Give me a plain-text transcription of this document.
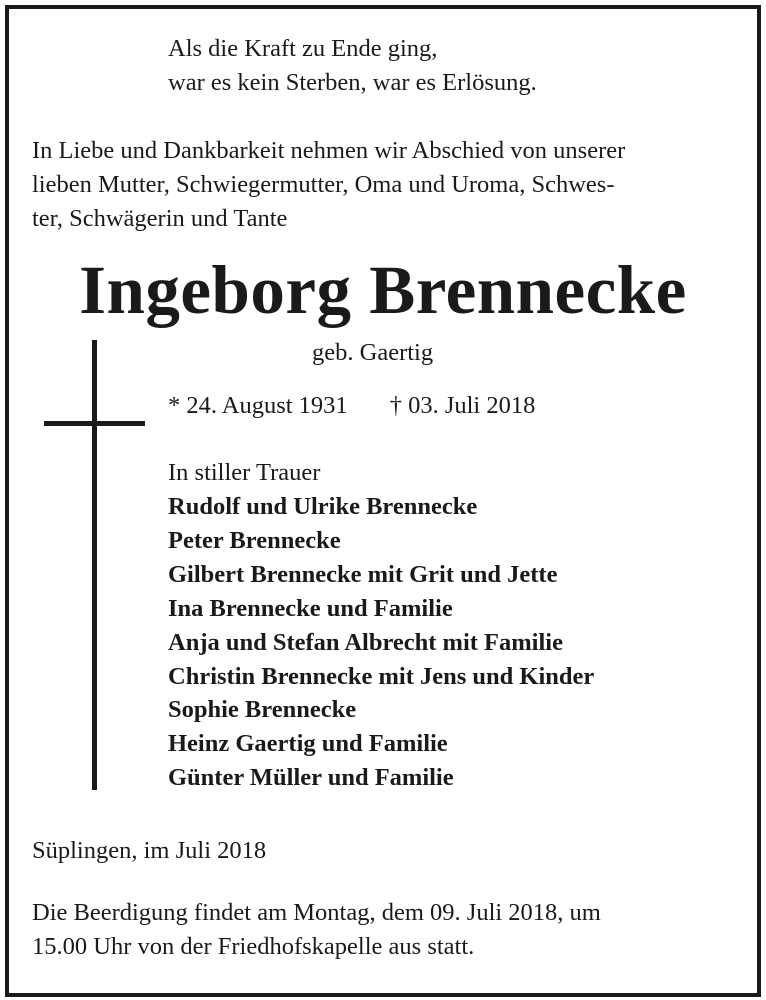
Als die Kraft zu Ende ging,
war es kein Sterben, war es Erlösung.
In Liebe und Dankbarkeit nehmen wir Abschied von unserer
lieben Mutter, Schwiegermutter, Oma und Uroma, Schwes-
ter, Schwägerin und Tante
Ingeborg Brennecke
geb. Gaertig
* 24. August 1931 † 03. Juli 2018
In stiller Trauer
Rudolf und Ulrike Brennecke
Peter Brennecke
Gilbert Brennecke mit Grit und Jette
Ina Brennecke und Familie
Anja und Stefan Albrecht mit Familie
Christin Brennecke mit Jens und Kinder
Sophie Brennecke
Heinz Gaertig und Familie
Günter Müller und Familie
Süplingen, im Juli 2018
Die Beerdigung findet am Montag, dem 09. Juli 2018, um
15.00 Uhr von der Friedhofskapelle aus statt.
